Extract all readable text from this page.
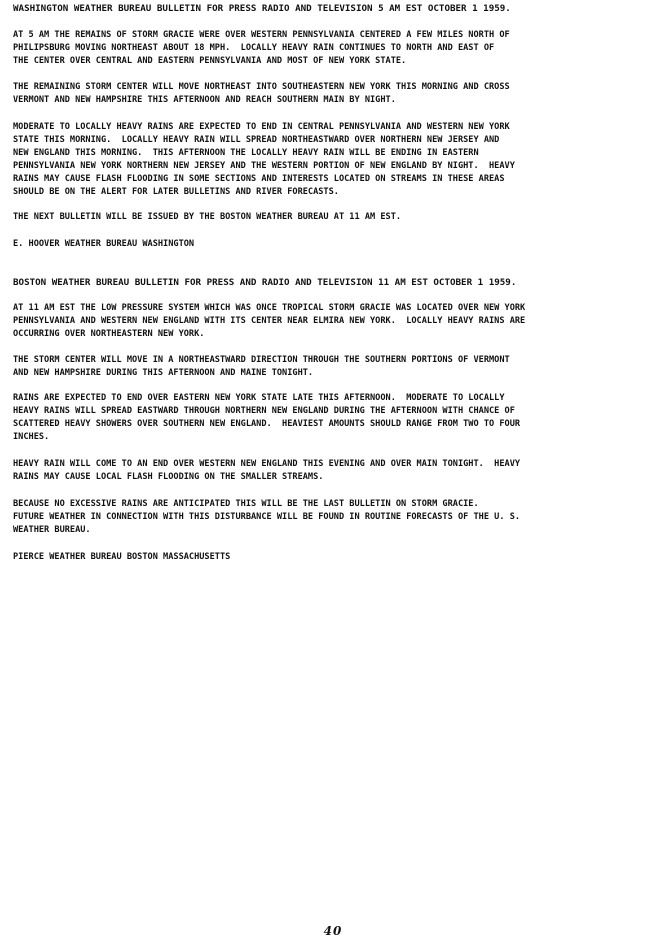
WASHINGTON WEATHER BUREAU BULLETIN FOR PRESS RADIO AND TELEVISION 5 AM EST OCTOBER 1 1959.

AT 5 AM THE REMAINS OF STORM GRACIE WERE OVER WESTERN PENNSYLVANIA CENTERED A FEW MILES NORTH OF
PHILIPSBURG MOVING NORTHEAST ABOUT 18 MPH.  LOCALLY HEAVY RAIN CONTINUES TO NORTH AND EAST OF
THE CENTER OVER CENTRAL AND EASTERN PENNSYLVANIA AND MOST OF NEW YORK STATE.

THE REMAINING STORM CENTER WILL MOVE NORTHEAST INTO SOUTHEASTERN NEW YORK THIS MORNING AND CROSS
VERMONT AND NEW HAMPSHIRE THIS AFTERNOON AND REACH SOUTHERN MAIN BY NIGHT.

MODERATE TO LOCALLY HEAVY RAINS ARE EXPECTED TO END IN CENTRAL PENNSYLVANIA AND WESTERN NEW YORK
STATE THIS MORNING.  LOCALLY HEAVY RAIN WILL SPREAD NORTHEASTWARD OVER NORTHERN NEW JERSEY AND
NEW ENGLAND THIS MORNING.  THIS AFTERNOON THE LOCALLY HEAVY RAIN WILL BE ENDING IN EASTERN
PENNSYLVANIA NEW YORK NORTHERN NEW JERSEY AND THE WESTERN PORTION OF NEW ENGLAND BY NIGHT.  HEAVY
RAINS MAY CAUSE FLASH FLOODING IN SOME SECTIONS AND INTERESTS LOCATED ON STREAMS IN THESE AREAS
SHOULD BE ON THE ALERT FOR LATER BULLETINS AND RIVER FORECASTS.

THE NEXT BULLETIN WILL BE ISSUED BY THE BOSTON WEATHER BUREAU AT 11 AM EST.

E. HOOVER WEATHER BUREAU WASHINGTON

BOSTON WEATHER BUREAU BULLETIN FOR PRESS AND RADIO AND TELEVISION 11 AM EST OCTOBER 1 1959.

AT 11 AM EST THE LOW PRESSURE SYSTEM WHICH WAS ONCE TROPICAL STORM GRACIE WAS LOCATED OVER NEW YORK
PENNSYLVANIA AND WESTERN NEW ENGLAND WITH ITS CENTER NEAR ELMIRA NEW YORK.  LOCALLY HEAVY RAINS ARE
OCCURRING OVER NORTHEASTERN NEW YORK.

THE STORM CENTER WILL MOVE IN A NORTHEASTWARD DIRECTION THROUGH THE SOUTHERN PORTIONS OF VERMONT
AND NEW HAMPSHIRE DURING THIS AFTERNOON AND MAINE TONIGHT.

RAINS ARE EXPECTED TO END OVER EASTERN NEW YORK STATE LATE THIS AFTERNOON.  MODERATE TO LOCALLY
HEAVY RAINS WILL SPREAD EASTWARD THROUGH NORTHERN NEW ENGLAND DURING THE AFTERNOON WITH CHANCE OF
SCATTERED HEAVY SHOWERS OVER SOUTHERN NEW ENGLAND.  HEAVIEST AMOUNTS SHOULD RANGE FROM TWO TO FOUR
INCHES.

HEAVY RAIN WILL COME TO AN END OVER WESTERN NEW ENGLAND THIS EVENING AND OVER MAIN TONIGHT.  HEAVY
RAINS MAY CAUSE LOCAL FLASH FLOODING ON THE SMALLER STREAMS.

BECAUSE NO EXCESSIVE RAINS ARE ANTICIPATED THIS WILL BE THE LAST BULLETIN ON STORM GRACIE.
FUTURE WEATHER IN CONNECTION WITH THIS DISTURBANCE WILL BE FOUND IN ROUTINE FORECASTS OF THE U. S.
WEATHER BUREAU.

PIERCE WEATHER BUREAU BOSTON MASSACHUSETTS

40
